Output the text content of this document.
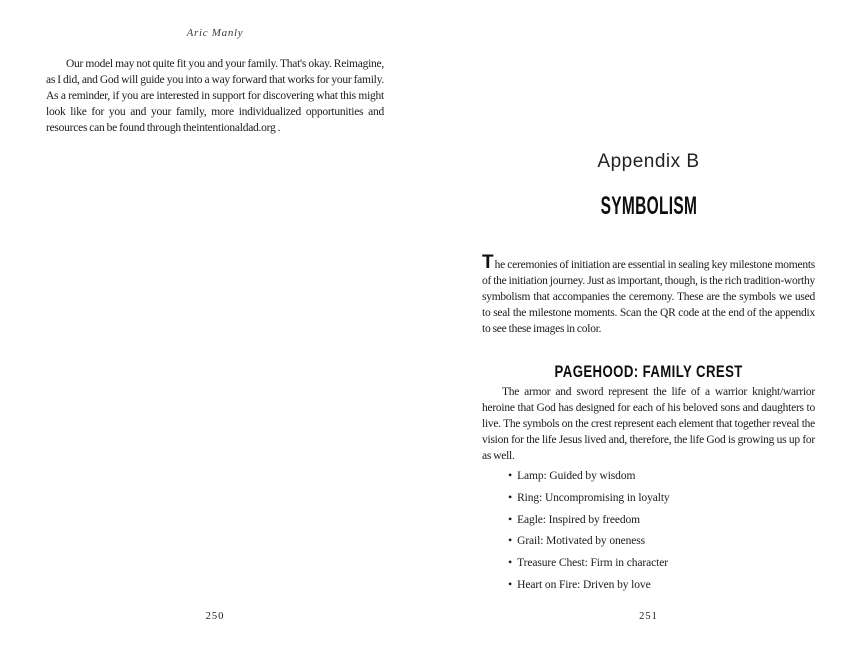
Aric Manly

Our model may not quite fit you and your family. That's okay. Reimagine, as I did, and God will guide you into a way forward that works for your family. As a reminder, if you are interested in support for discovering what this might look like for you and your family, more individualized opportunities and resources can be found through theintentionaldad.org .

250
Appendix B
SYMBOLISM

The ceremonies of initiation are essential in sealing key milestone moments of the initiation journey. Just as important, though, is the rich tradition-worthy symbolism that accompanies the ceremony. These are the symbols we used to seal the milestone moments. Scan the QR code at the end of the appendix to see these images in color.

PAGEHOOD: FAMILY CREST

The armor and sword represent the life of a warrior knight/warrior heroine that God has designed for each of his beloved sons and daughters to live. The symbols on the crest represent each element that together reveal the vision for the life Jesus lived and, therefore, the life God is growing us up for as well.

• Lamp: Guided by wisdom
• Ring: Uncompromising in loyalty
• Eagle: Inspired by freedom
• Grail: Motivated by oneness
• Treasure Chest: Firm in character
• Heart on Fire: Driven by love
251
